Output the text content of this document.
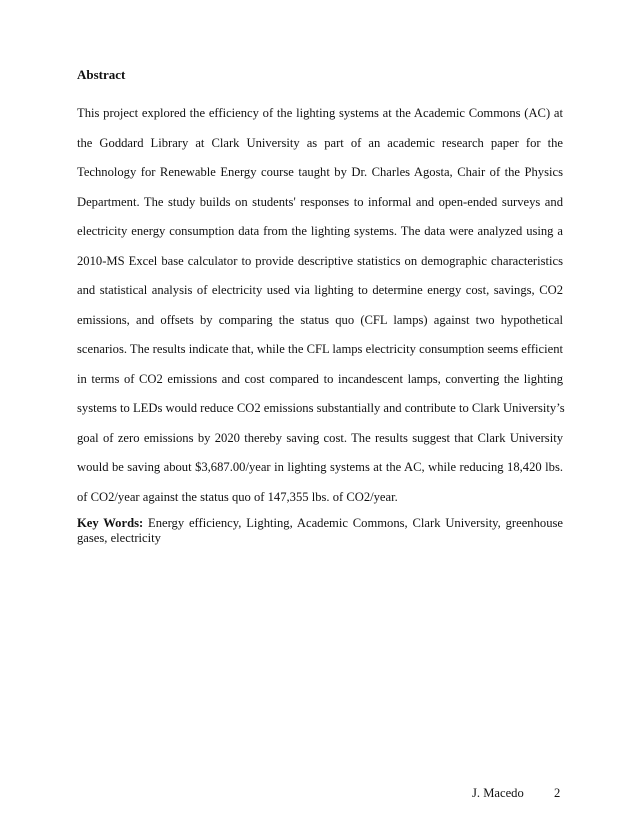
Abstract

This project explored the efficiency of the lighting systems at the Academic Commons (AC) at
the Goddard Library at Clark University as part of an academic research paper for the
Technology for Renewable Energy course taught by Dr. Charles Agosta, Chair of the Physics
Department. The study builds on students' responses to informal and open-ended surveys and
electricity energy consumption data from the lighting systems. The data were analyzed using a
2010-MS Excel base calculator to provide descriptive statistics on demographic characteristics
and statistical analysis of electricity used via lighting to determine energy cost, savings, CO2
emissions, and offsets by comparing the status quo (CFL lamps) against two hypothetical
scenarios. The results indicate that, while the CFL lamps electricity consumption seems efficient
in terms of CO2 emissions and cost compared to incandescent lamps, converting the lighting
systems to LEDs would reduce CO2 emissions substantially and contribute to Clark University’s
goal of zero emissions by 2020 thereby saving cost. The results suggest that Clark University
would be saving about $3,687.00/year in lighting systems at the AC, while reducing 18,420 lbs.
of CO2/year against the status quo of 147,355 lbs. of CO2/year.

Key Words: Energy efficiency, Lighting, Academic Commons, Clark University, greenhouse
gases, electricity

J. Macedo 2
